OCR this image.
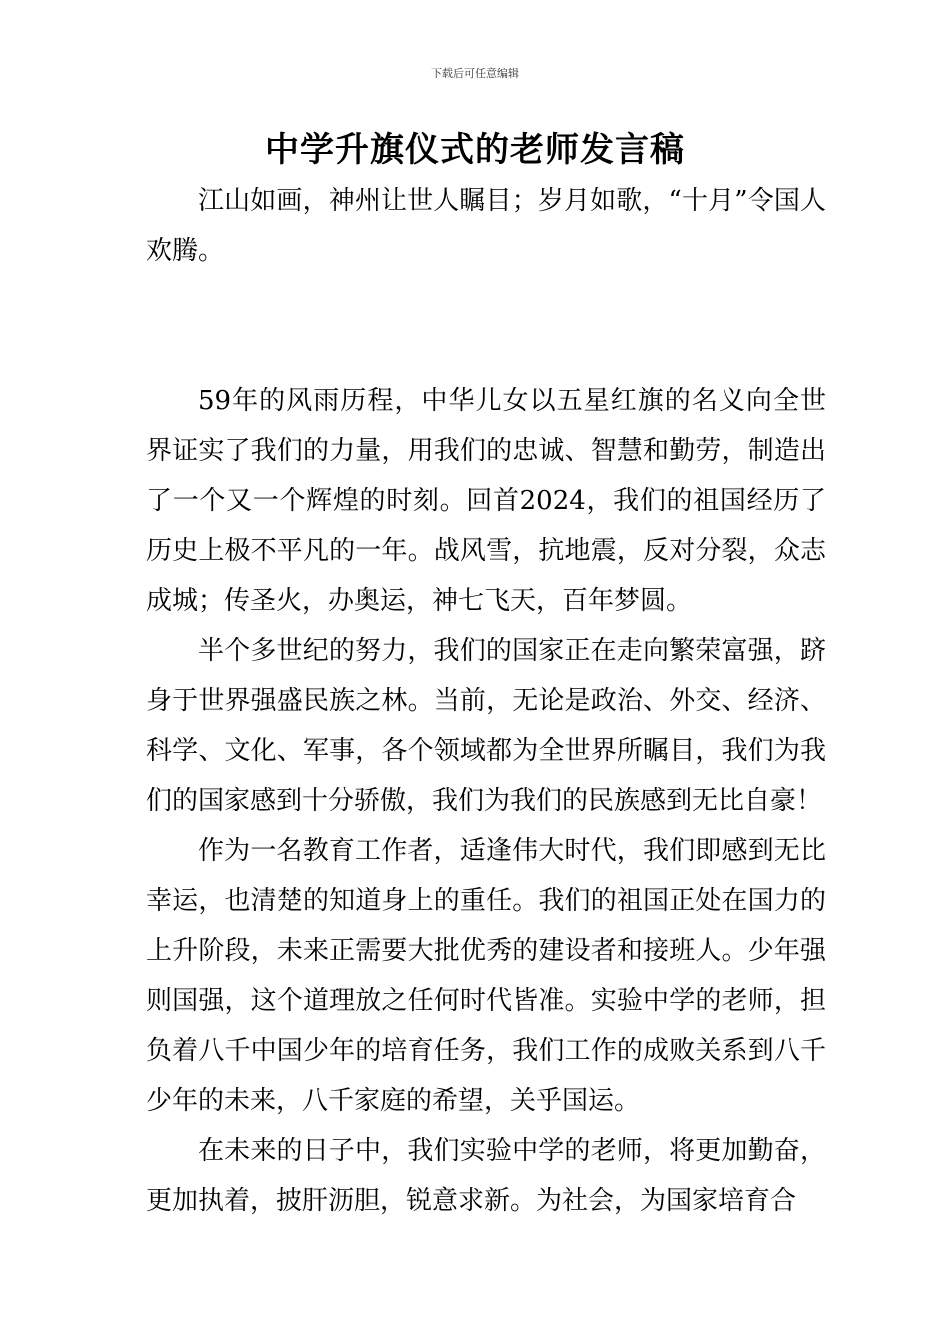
下载后可任意编辑
中学升旗仪式的老师发言稿

江山如画，神州让世人瞩目；岁月如歌，“十月”令国人欢腾。

59年的风雨历程，中华儿女以五星红旗的名义向全世界证实了我们的力量，用我们的忠诚、智慧和勤劳，制造出了一个又一个辉煌的时刻。回首2024，我们的祖国经历了历史上极不平凡的一年。战风雪，抗地震，反对分裂，众志成城；传圣火，办奥运，神七飞天，百年梦圆。

半个多世纪的努力，我们的国家正在走向繁荣富强，跻身于世界强盛民族之林。当前，无论是政治、外交、经济、科学、文化、军事，各个领域都为全世界所瞩目，我们为我们的国家感到十分骄傲，我们为我们的民族感到无比自豪！

作为一名教育工作者，适逢伟大时代，我们即感到无比幸运，也清楚的知道身上的重任。我们的祖国正处在国力的上升阶段，未来正需要大批优秀的建设者和接班人。少年强则国强，这个道理放之任何时代皆准。实验中学的老师，担负着八千中国少年的培育任务，我们工作的成败关系到八千少年的未来，八千家庭的希望，关乎国运。

在未来的日子中，我们实验中学的老师，将更加勤奋，更加执着，披肝沥胆，锐意求新。为社会，为国家培育合
